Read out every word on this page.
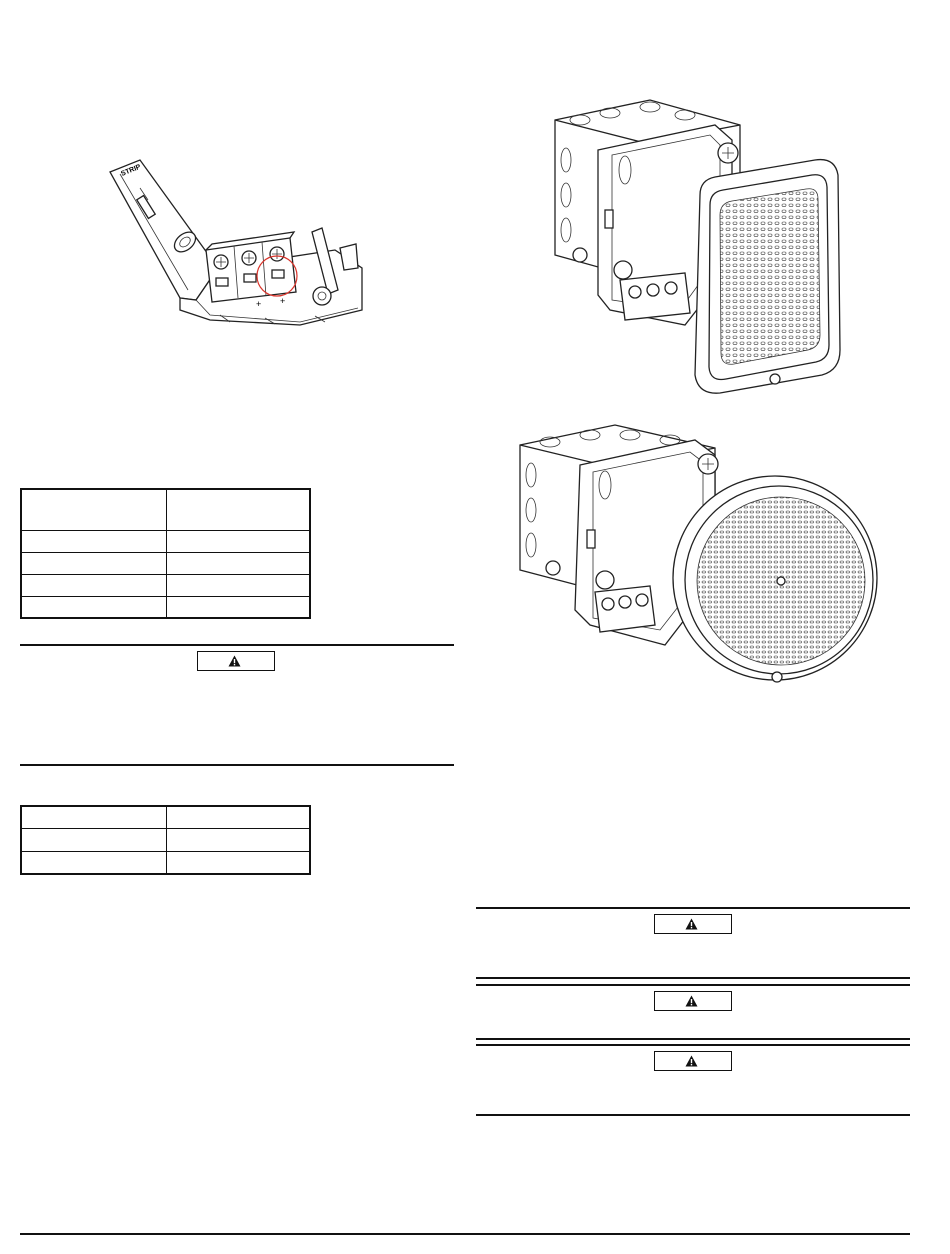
STRIP
+ +
